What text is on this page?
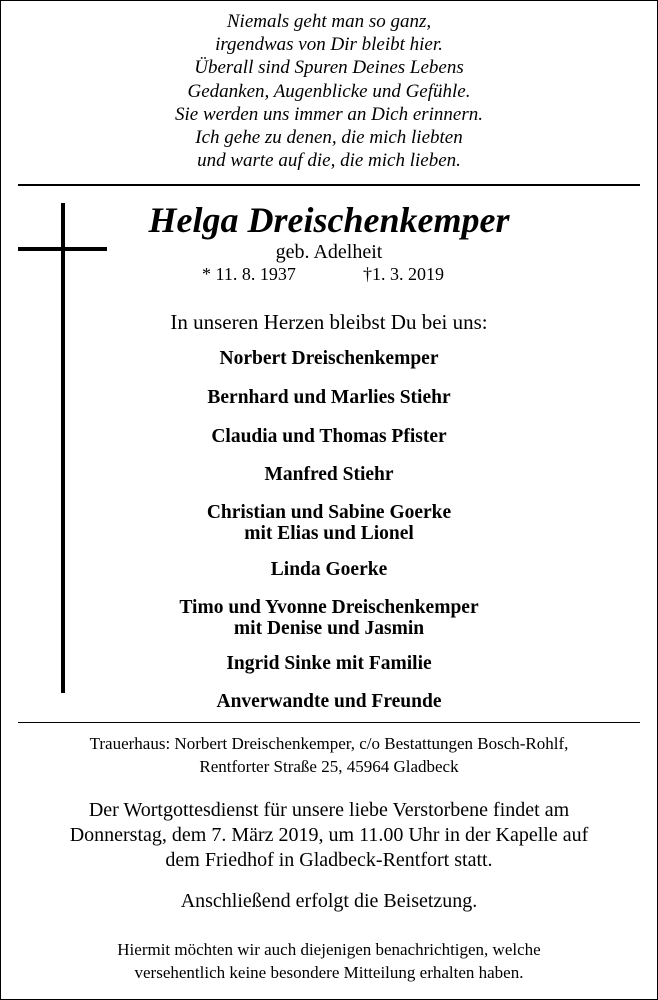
Niemals geht man so ganz,
irgendwas von Dir bleibt hier.
Überall sind Spuren Deines Lebens
Gedanken, Augenblicke und Gefühle.
Sie werden uns immer an Dich erinnern.
Ich gehe zu denen, die mich liebten
und warte auf die, die mich lieben.
Helga Dreischenkemper
geb. Adelheit
* 11. 8. 1937	†1. 3. 2019
In unseren Herzen bleibst Du bei uns:
Norbert Dreischenkemper
Bernhard und Marlies Stiehr
Claudia und Thomas Pfister
Manfred Stiehr
Christian und Sabine Goerke
mit Elias und Lionel
Linda Goerke
Timo und Yvonne Dreischenkemper
mit Denise und Jasmin
Ingrid Sinke mit Familie
Anverwandte und Freunde
Trauerhaus: Norbert Dreischenkemper, c/o Bestattungen Bosch-Rohlf,
Rentforter Straße 25, 45964 Gladbeck
Der Wortgottesdienst für unsere liebe Verstorbene findet am
Donnerstag, dem 7. März 2019, um 11.00 Uhr in der Kapelle auf
dem Friedhof in Gladbeck-Rentfort statt.
Anschließend erfolgt die Beisetzung.
Hiermit möchten wir auch diejenigen benachrichtigen, welche
versehentlich keine besondere Mitteilung erhalten haben.
